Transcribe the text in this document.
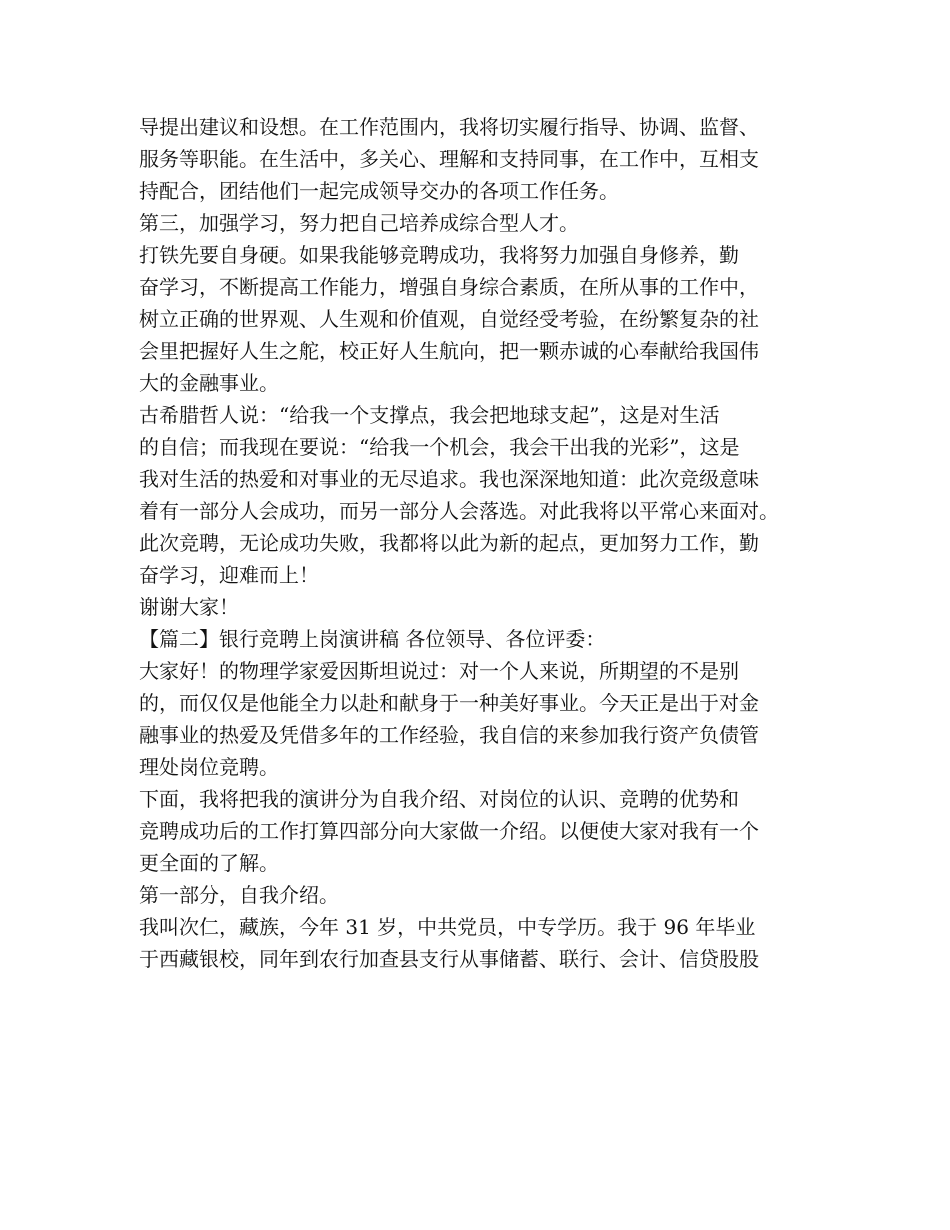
导提出建议和设想。在工作范围内，我将切实履行指导、协调、监督、
服务等职能。在生活中，多关心、理解和支持同事，在工作中，互相支
持配合，团结他们一起完成领导交办的各项工作任务。
第三，加强学习，努力把自己培养成综合型人才。
打铁先要自身硬。如果我能够竞聘成功，我将努力加强自身修养，勤
奋学习，不断提高工作能力，增强自身综合素质，在所从事的工作中，
树立正确的世界观、人生观和价值观，自觉经受考验，在纷繁复杂的社
会里把握好人生之舵，校正好人生航向，把一颗赤诚的心奉献给我国伟
大的金融事业。
古希腊哲人说：“给我一个支撑点，我会把地球支起”，这是对生活
的自信；而我现在要说：“给我一个机会，我会干出我的光彩”，这是
我对生活的热爱和对事业的无尽追求。我也深深地知道：此次竞级意味
着有一部分人会成功，而另一部分人会落选。对此我将以平常心来面对。
此次竞聘，无论成功失败，我都将以此为新的起点，更加努力工作，勤
奋学习，迎难而上！
谢谢大家！
【篇二】银行竞聘上岗演讲稿 各位领导、各位评委：
大家好！的物理学家爱因斯坦说过：对一个人来说，所期望的不是别
的，而仅仅是他能全力以赴和献身于一种美好事业。今天正是出于对金
融事业的热爱及凭借多年的工作经验，我自信的来参加我行资产负债管
理处岗位竞聘。
下面，我将把我的演讲分为自我介绍、对岗位的认识、竞聘的优势和
竞聘成功后的工作打算四部分向大家做一介绍。以便使大家对我有一个
更全面的了解。
第一部分，自我介绍。
我叫次仁，藏族，今年 31 岁，中共党员，中专学历。我于 96 年毕业
于西藏银校，同年到农行加查县支行从事储蓄、联行、会计、信贷股股
